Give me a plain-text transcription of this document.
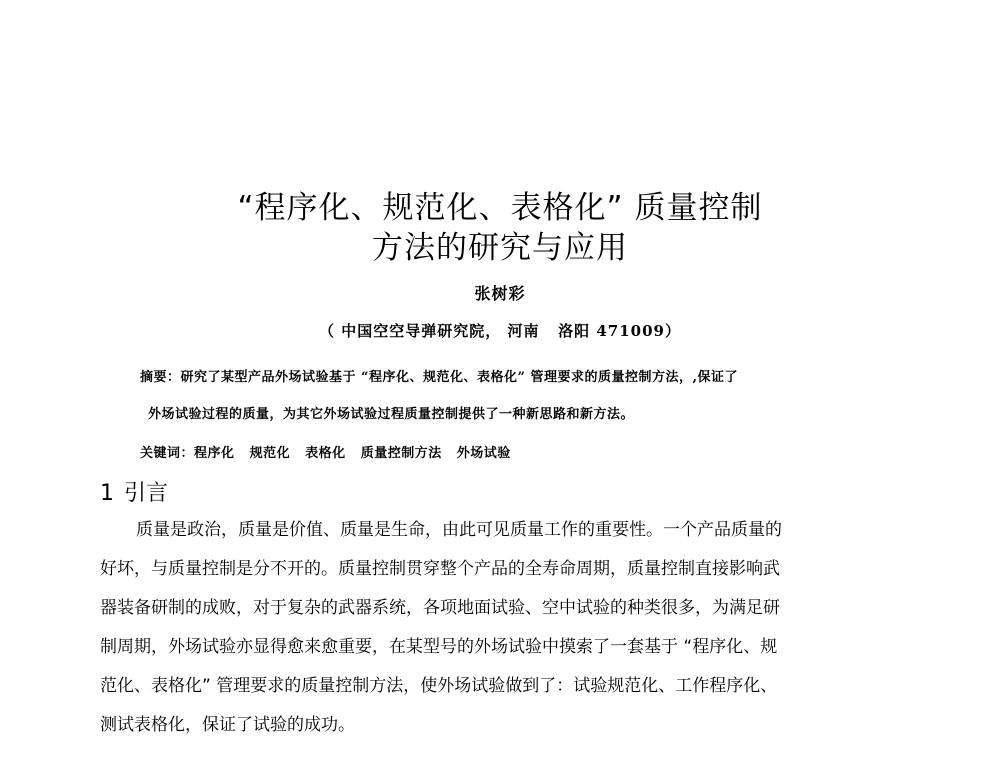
“程序化、规范化、表格化” 质量控制
方法的研究与应用
张树彩
（ 中国空空导弹研究院， 河南   洛阳 471009）
摘要：研究了某型产品外场试验基于 “程序化、规范化、表格化” 管理要求的质量控制方法，,保证了
外场试验过程的质量，为其它外场试验过程质量控制提供了一种新思路和新方法。
关键词：程序化   规范化   表格化   质量控制方法   外场试验
1 引言
质量是政治，质量是价值、质量是生命，由此可见质量工作的重要性。一个产品质量的
好坏，与质量控制是分不开的。质量控制贯穿整个产品的全寿命周期，质量控制直接影响武
器装备研制的成败，对于复杂的武器系统，各项地面试验、空中试验的种类很多，为满足研
制周期，外场试验亦显得愈来愈重要，在某型号的外场试验中摸索了一套基于 “程序化、规
范化、表格化” 管理要求的质量控制方法，使外场试验做到了：试验规范化、工作程序化、
测试表格化，保证了试验的成功。
